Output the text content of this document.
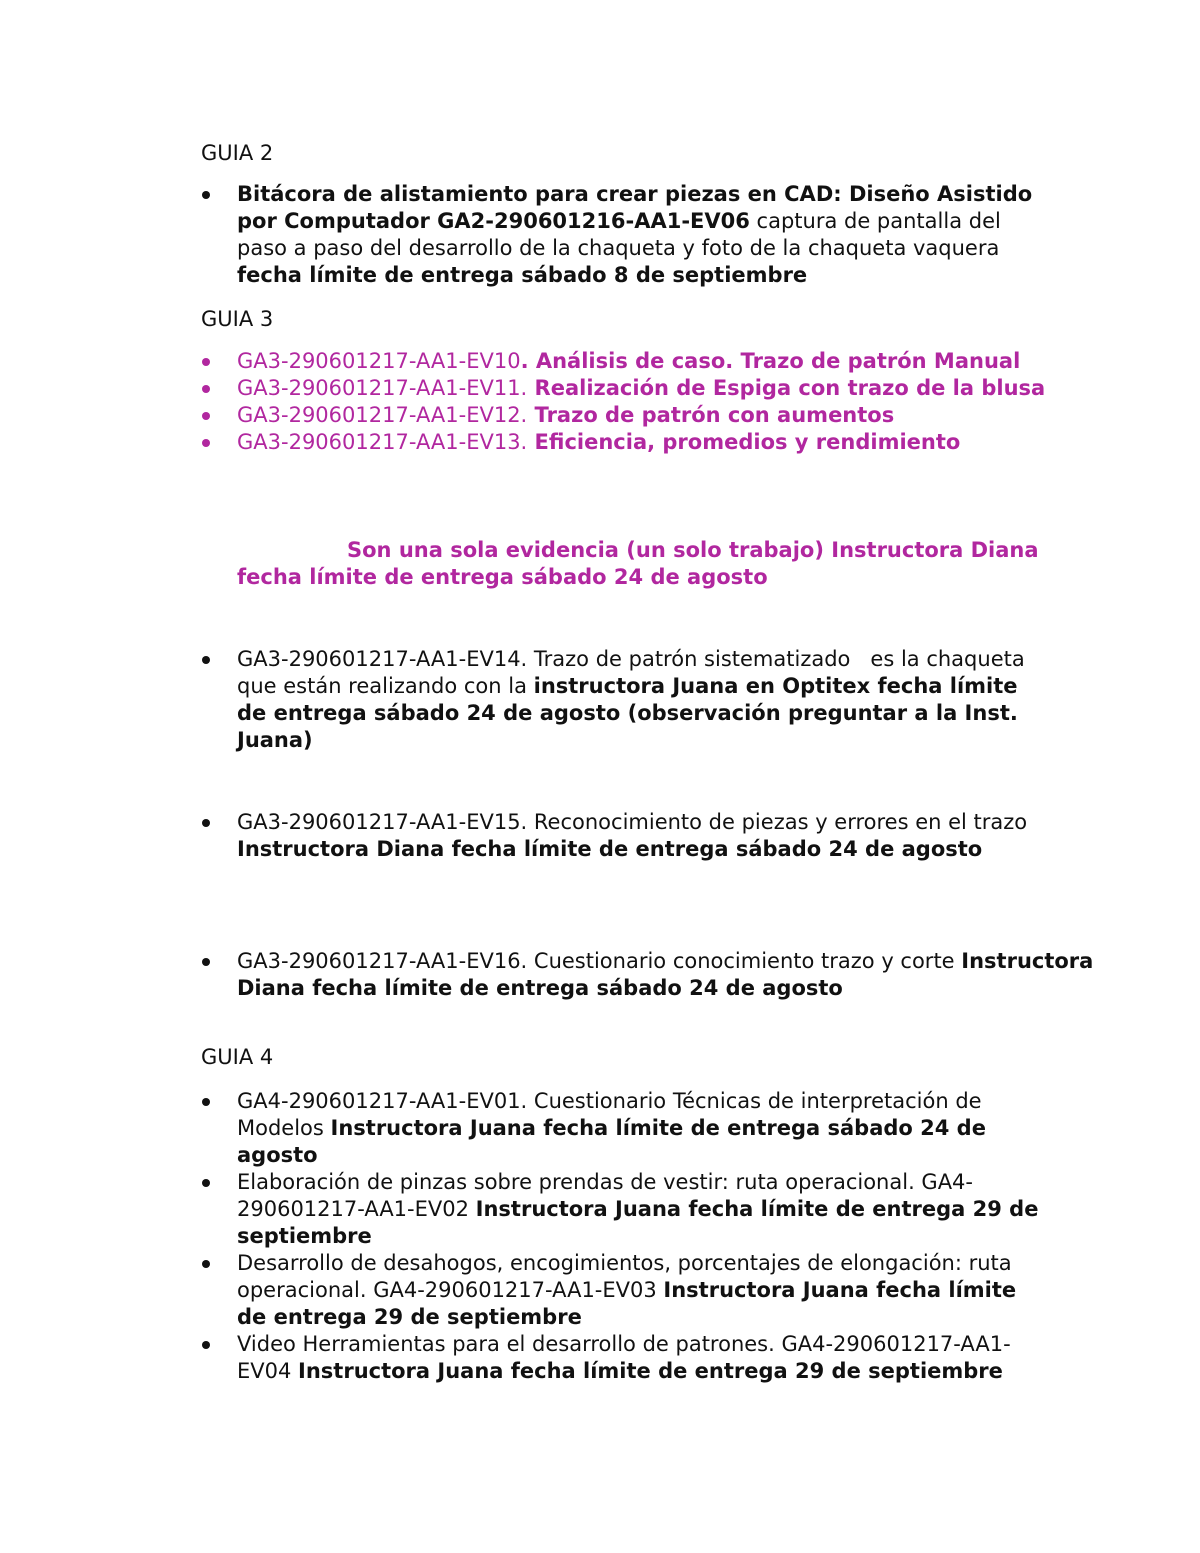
GUIA 2
Bitácora de alistamiento para crear piezas en CAD: Diseño Asistido por Computador GA2-290601216-AA1-EV06 captura de pantalla del paso a paso del desarrollo de la chaqueta y foto de la chaqueta vaquera fecha límite de entrega sábado 8 de septiembre
GUIA 3
GA3-290601217-AA1-EV10. Análisis de caso. Trazo de patrón Manual
GA3-290601217-AA1-EV11. Realización de Espiga con trazo de la blusa
GA3-290601217-AA1-EV12. Trazo de patrón con aumentos
GA3-290601217-AA1-EV13. Eficiencia, promedios y rendimiento

Son una sola evidencia (un solo trabajo) Instructora Diana fecha límite de entrega sábado 24 de agosto

GA3-290601217-AA1-EV14. Trazo de patrón sistematizado   es la chaqueta que están realizando con la instructora Juana en Optitex fecha límite de entrega sábado 24 de agosto (observación preguntar a la Inst. Juana)
GA3-290601217-AA1-EV15. Reconocimiento de piezas y errores en el trazo Instructora Diana fecha límite de entrega sábado 24 de agosto
GA3-290601217-AA1-EV16. Cuestionario conocimiento trazo y corte Instructora Diana fecha límite de entrega sábado 24 de agosto
GUIA 4
GA4-290601217-AA1-EV01. Cuestionario Técnicas de interpretación de Modelos Instructora Juana fecha límite de entrega sábado 24 de agosto
Elaboración de pinzas sobre prendas de vestir: ruta operacional. GA4-290601217-AA1-EV02 Instructora Juana fecha límite de entrega 29 de septiembre
Desarrollo de desahogos, encogimientos, porcentajes de elongación: ruta operacional. GA4-290601217-AA1-EV03 Instructora Juana fecha límite de entrega 29 de septiembre
Video Herramientas para el desarrollo de patrones. GA4-290601217-AA1-EV04 Instructora Juana fecha límite de entrega 29 de septiembre
